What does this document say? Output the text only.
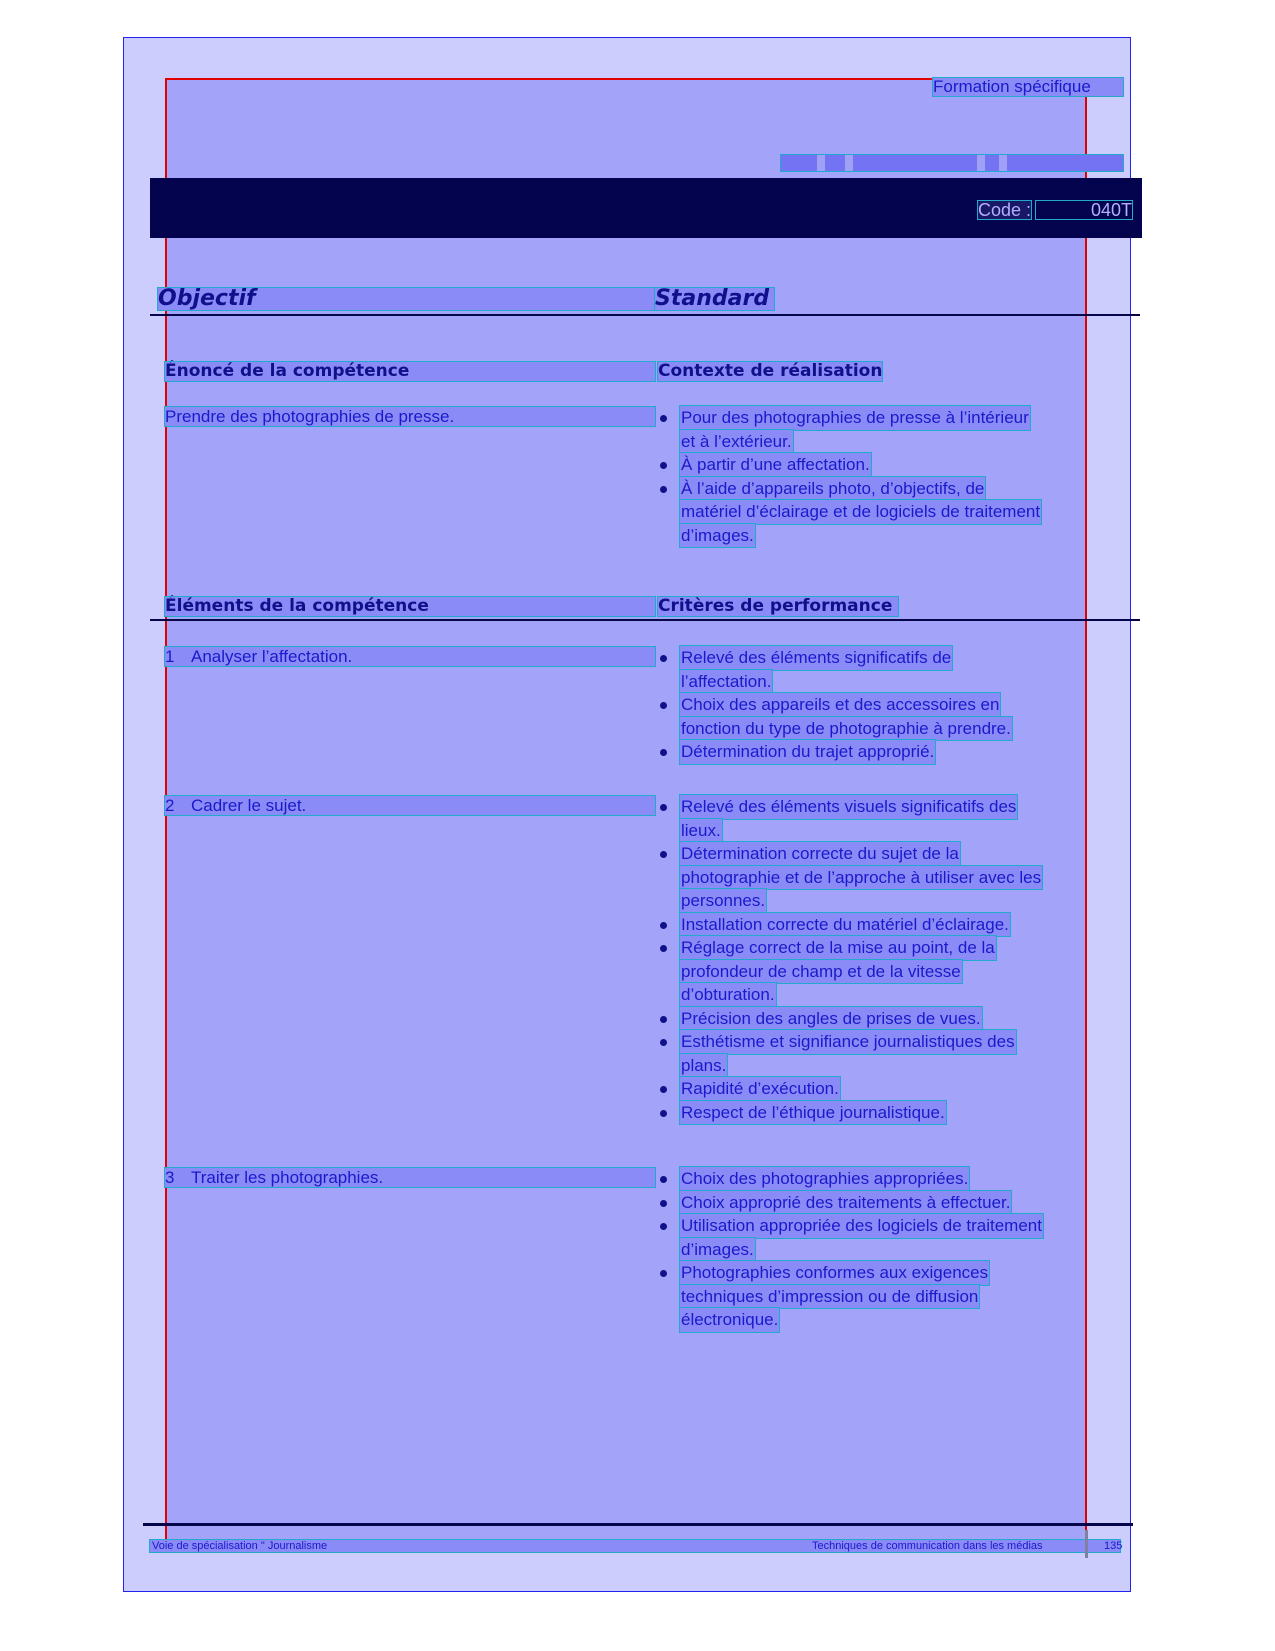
Formation spécifique
Code :	040T
Objectif	Standard
Énoncé de la compétence	Contexte de réalisation
Prendre des photographies de presse.	Pour des photographies de presse à l’intérieur
et à l’extérieur.
À partir d’une affectation.
À l’aide d’appareils photo, d’objectifs, de
matériel d’éclairage et de logiciels de traitement
d’images.
Éléments de la compétence	Critères de performance
1 Analyser l’affectation.	Relevé des éléments significatifs de
l’affectation.
Choix des appareils et des accessoires en
fonction du type de photographie à prendre.
Détermination du trajet approprié.
2 Cadrer le sujet.	Relevé des éléments visuels significatifs des
lieux.
Détermination correcte du sujet de la
photographie et de l’approche à utiliser avec les
personnes.
Installation correcte du matériel d’éclairage.
Réglage correct de la mise au point, de la
profondeur de champ et de la vitesse
d’obturation.
Précision des angles de prises de vues.
Esthétisme et signifiance journalistiques des
plans.
Rapidité d’exécution.
Respect de l’éthique journalistique.
3 Traiter les photographies.	Choix des photographies appropriées.
Choix approprié des traitements à effectuer.
Utilisation appropriée des logiciels de traitement
d’images.
Photographies conformes aux exigences
techniques d’impression ou de diffusion
électronique.
Voie de spécialisation " Journalisme	Techniques de communication dans les médias	135
